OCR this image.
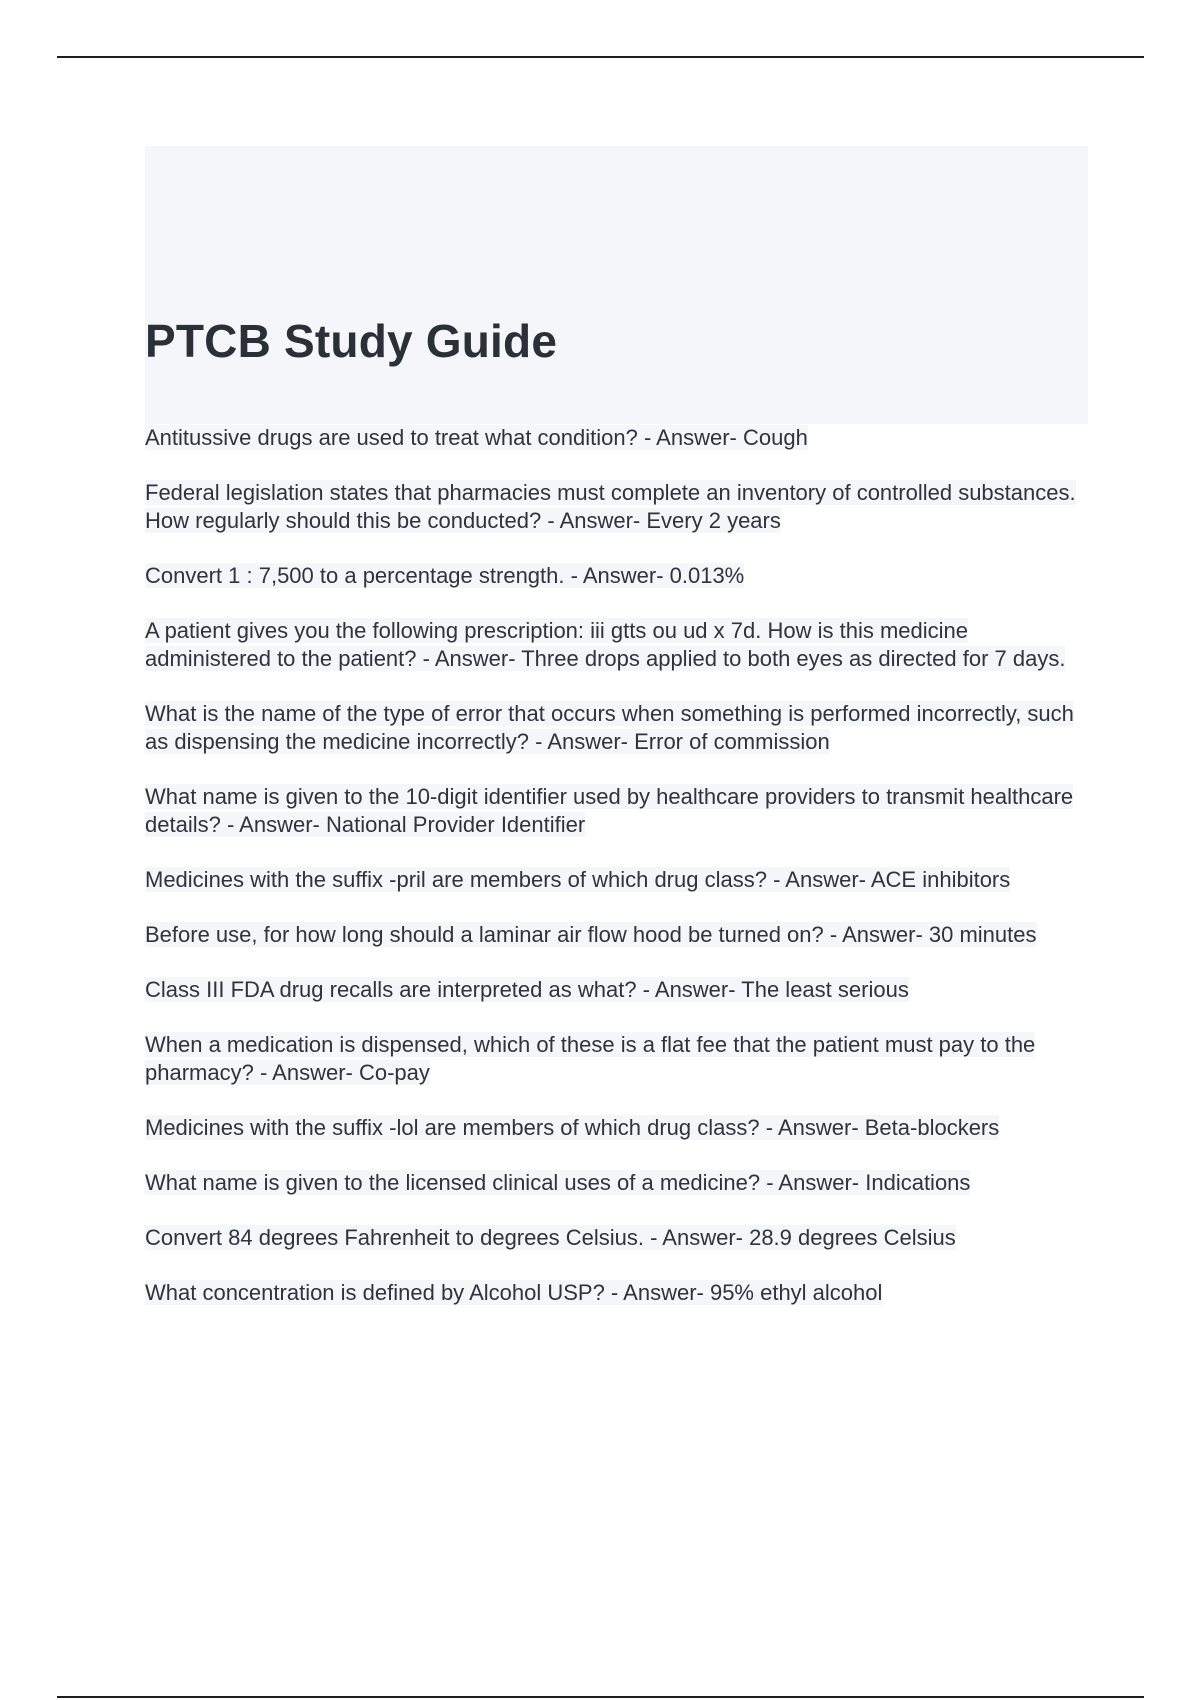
PTCB Study Guide
Antitussive drugs are used to treat what condition? - Answer- Cough
Federal legislation states that pharmacies must complete an inventory of controlled substances. How regularly should this be conducted? - Answer- Every 2 years
Convert 1 : 7,500 to a percentage strength. - Answer- 0.013%
A patient gives you the following prescription: iii gtts ou ud x 7d. How is this medicine administered to the patient? - Answer- Three drops applied to both eyes as directed for 7 days.
What is the name of the type of error that occurs when something is performed incorrectly, such as dispensing the medicine incorrectly? - Answer- Error of commission
What name is given to the 10-digit identifier used by healthcare providers to transmit healthcare details? - Answer- National Provider Identifier
Medicines with the suffix -pril are members of which drug class? - Answer- ACE inhibitors
Before use, for how long should a laminar air flow hood be turned on? - Answer- 30 minutes
Class III FDA drug recalls are interpreted as what? - Answer- The least serious
When a medication is dispensed, which of these is a flat fee that the patient must pay to the pharmacy? - Answer- Co-pay
Medicines with the suffix -lol are members of which drug class? - Answer- Beta-blockers
What name is given to the licensed clinical uses of a medicine? - Answer- Indications
Convert 84 degrees Fahrenheit to degrees Celsius. - Answer- 28.9 degrees Celsius
What concentration is defined by Alcohol USP? - Answer- 95% ethyl alcohol
